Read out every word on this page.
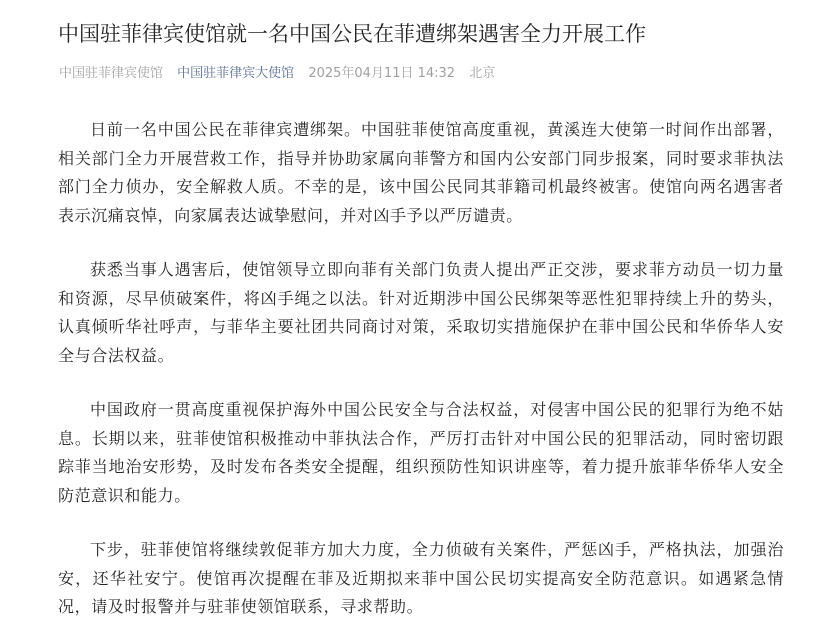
中国驻菲律宾使馆就一名中国公民在菲遭绑架遇害全力开展工作
中国驻菲律宾使馆 中国驻菲律宾大使馆 2025年04月11日 14:32 北京

日前一名中国公民在菲律宾遭绑架。中国驻菲使馆高度重视，黄溪连大使第一时间作出部署，相关部门全力开展营救工作，指导并协助家属向菲警方和国内公安部门同步报案，同时要求菲执法部门全力侦办，安全解救人质。不幸的是，该中国公民同其菲籍司机最终被害。使馆向两名遇害者表示沉痛哀悼，向家属表达诚挚慰问，并对凶手予以严厉谴责。

获悉当事人遇害后，使馆领导立即向菲有关部门负责人提出严正交涉，要求菲方动员一切力量和资源，尽早侦破案件，将凶手绳之以法。针对近期涉中国公民绑架等恶性犯罪持续上升的势头，认真倾听华社呼声，与菲华主要社团共同商讨对策，采取切实措施保护在菲中国公民和华侨华人安全与合法权益。

中国政府一贯高度重视保护海外中国公民安全与合法权益，对侵害中国公民的犯罪行为绝不姑息。长期以来，驻菲使馆积极推动中菲执法合作，严厉打击针对中国公民的犯罪活动，同时密切跟踪菲当地治安形势，及时发布各类安全提醒，组织预防性知识讲座等，着力提升旅菲华侨华人安全防范意识和能力。

下步，驻菲使馆将继续敦促菲方加大力度，全力侦破有关案件，严惩凶手，严格执法，加强治安，还华社安宁。使馆再次提醒在菲及近期拟来菲中国公民切实提高安全防范意识。如遇紧急情况，请及时报警并与驻菲使领馆联系，寻求帮助。
